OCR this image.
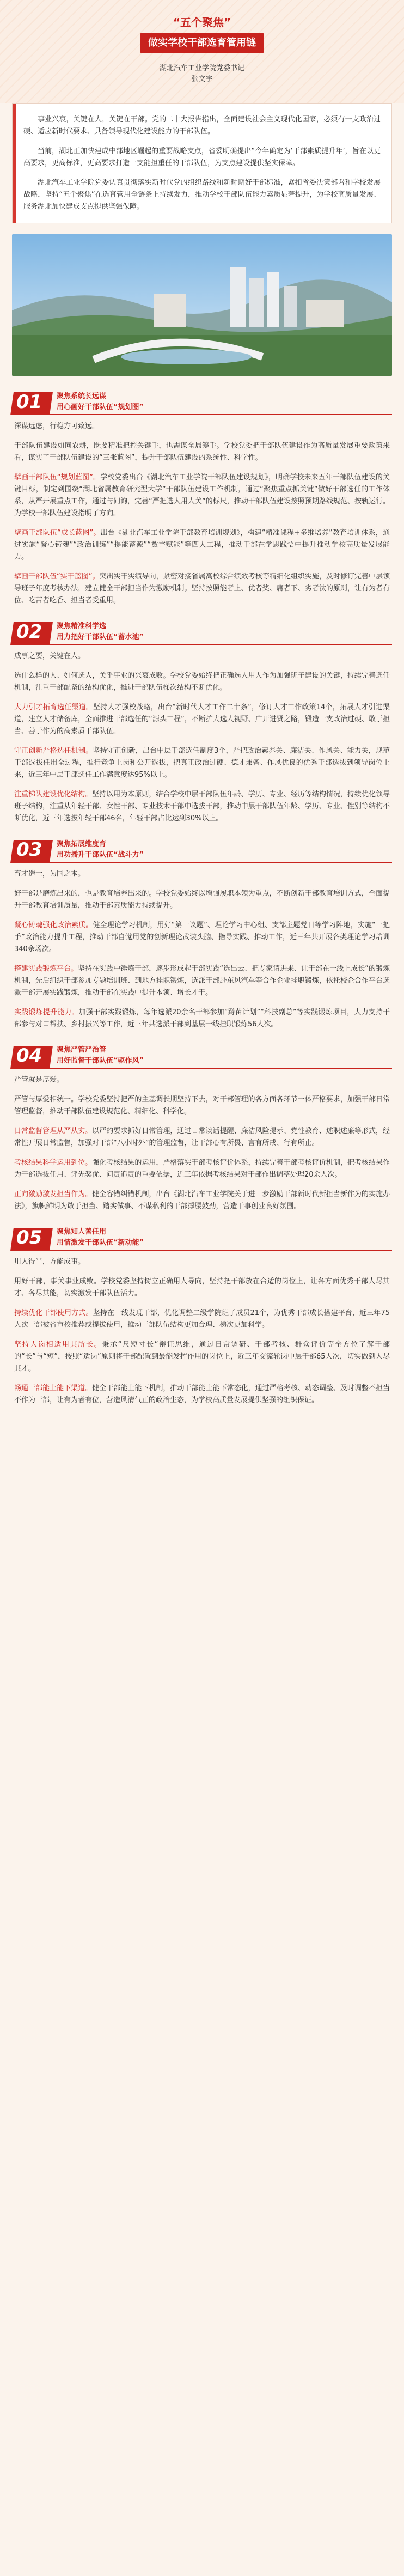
“五个聚焦”
做实学校干部选育管用链
湖北汽车工业学院党委书记
张文宇

事业兴衰，关键在人，关键在干部。党的二十大报告指出，全面建设社会主义现代化国家，必须有一支政治过硬、适应新时代要求、具备领导现代化建设能力的干部队伍。

当前，湖北正加快建成中部地区崛起的重要战略支点，省委明确提出“今年确定为‘干部素质提升年’，旨在以更高要求，更高标准，更高要求打造一支能担重任的干部队伍，为支点建设提供坚实保障。

湖北汽车工业学院党委认真贯彻落实新时代党的组织路线和新时期好干部标准，紧扣省委决策部署和学校发展战略，坚持“五个聚焦”在选育管用全链条上持续发力，推动学校干部队伍能力素质显著提升，为学校高质量发展、服务湖北加快建成支点提供坚强保障。

01 聚焦系统长远谋
用心画好干部队伍“规划图”

深谋远虑，行稳方可致远。

干部队伍建设如同农耕，既要精准把控关键手，也需谋全局筹手。学校党委把干部队伍建设作为高质量发展重要政策来看，谋实了干部队伍建设的“三张蓝图”，提升干部队伍建设的系统性、科学性。

擘画干部队伍“规划蓝图”。学校党委出台《湖北汽车工业学院干部队伍建设规划》，明确学校未来五年干部队伍建设的关键目标，制定到围绕“湖北省属教育研究型大学”干部队伍建设工作机制，通过“聚焦重点抓关键”做好干部选任的工作体系，从严开展重点工作，通过与问询，完善“严把选人用人关”的标尺，推动干部队伍建设按照预期路线规范、按轨运行。为学校干部队伍建设指明了方向。

擘画干部队伍“成长蓝图”。出台《湖北汽车工业学院干部教育培训规划》，构建“精准课程+多维培养”教育培训体系，通过实施“凝心铸魂”“政治训练”“提能蓄源”“数字赋能”等四大工程，推动干部在学思践悟中提升推动学校高质量发展能力。

擘画干部队伍“实干蓝图”。突出实干实绩导向，紧密对接省属高校综合绩效考核等精细化组织实施，及时修订完善中层领导班子年度考核办法，建立健全干部担当作为激励机制。坚持按照能者上、优者奖、庸者下、劣者汰的原则，让有为者有位、吃苦者吃香、担当者受重用。

02 聚焦精准科学选
用力把好干部队伍“蓄水池”

成事之要，关键在人。

选什么样的人、如何选人，关乎事业的兴衰成败。学校党委始终把正确选人用人作为加强班子建设的关键，持续完善选任机制，注重干部配备的结构优化，推进干部队伍梯次结构不断优化。

大力引才拓育选任渠道。坚持人才强校战略，出台“新时代人才工作二十条”，修订人才工作政策14个，拓展人才引进渠道，建立人才储备库，全面推进干部选任的“源头工程”，不断扩大选人视野、广开进贤之路，锻造一支政治过硬、敢于担当、善于作为的高素质干部队伍。

守正创新严格选任机制。坚持守正创新，出台中层干部选任制度3个，严把政治素养关、廉洁关、作风关、能力关，规范干部选拔任用全过程，推行竞争上岗和公开选拔，把真正政治过硬、德才兼备、作风优良的优秀干部选拔到领导岗位上来，近三年中层干部选任工作满意度达95%以上。

注重梯队建设优化结构。坚持以用为本原则，结合学校中层干部队伍年龄、学历、专业、经历等结构情况，持续优化领导班子结构，注重从年轻干部、女性干部、专业技术干部中选拔干部，推动中层干部队伍年龄、学历、专业、性别等结构不断优化，近三年选拔年轻干部46名，年轻干部占比达到30%以上。

03 聚焦拓展维度育
用功播升干部队伍“战斗力”

育才造士，为国之本。

好干部是磨炼出来的，也是教育培养出来的。学校党委始终以增强履职本领为重点，不断创新干部教育培训方式，全面提升干部教育培训质量，推动干部素质能力持续提升。

凝心铸魂强化政治素质。健全理论学习机制，用好“第一议题”、理论学习中心组、支部主题党日等学习阵地，实施“一把手”政治能力提升工程，推动干部自觉用党的创新理论武装头脑、指导实践、推动工作，近三年共开展各类理论学习培训340余场次。

搭建实践锻炼平台。坚持在实践中锤炼干部，逐步形成起干部实践“选出去、把专家请进来、让干部在一线上成长”的锻炼机制，先后组织干部参加专题培训班、到地方挂职锻炼，选派干部赴东风汽车等合作企业挂职锻炼，依托校企合作平台选派干部开展实践锻炼，推动干部在实践中提升本领、增长才干。

实践锻炼提升能力。加强干部实践锻炼，每年选派20余名干部参加“蹲苗计划”“科技副总”等实践锻炼项目，大力支持干部参与对口帮扶、乡村振兴等工作，近三年共选派干部到基层一线挂职锻炼56人次。

04 聚焦严管严治管
用好监督干部队伍“驱作风”

严管就是厚爱。

严管与厚爱相统一。学校党委坚持把严的主基调长期坚持下去，对干部管理的各方面各环节一体严格要求，加强干部日常管理监督，推动干部队伍建设规范化、精细化、科学化。

日常监督管理从严从实。以严的要求抓好日常管理，通过日常谈话提醒、廉洁风险提示、党性教育、述职述廉等形式，经常性开展日常监督，加强对干部“八小时外”的管理监督，让干部心有所畏、言有所戒、行有所止。

考核结果科学运用到位。强化考核结果的运用，严格落实干部考核评价体系，持续完善干部考核评价机制，把考核结果作为干部选拔任用、评先奖优、问责追责的重要依据，近三年依据考核结果对干部作出调整处理20余人次。

正向激励激发担当作为。健全容错纠错机制，出台《湖北汽车工业学院关于进一步激励干部新时代新担当新作为的实施办法》，旗帜鲜明为敢于担当、踏实做事、不谋私利的干部撑腰鼓劲，营造干事创业良好氛围。

05 聚焦知人善任用
用情激发干部队伍“新动能”

用人得当，方能成事。

用好干部，事关事业成败。学校党委坚持树立正确用人导向，坚持把干部放在合适的岗位上，让各方面优秀干部人尽其才、各尽其能，切实激发干部队伍活力。

持续优化干部使用方式。坚持在一线发现干部，优化调整二级学院班子成员21个，为优秀干部成长搭建平台，近三年75人次干部被省市校推荐或提拔使用，推动干部队伍结构更加合理、梯次更加科学。

坚持人岗相适用其所长。秉承“尺短寸长”辩证思维，通过日常调研、干部考核、群众评价等全方位了解干部的“长”与“短”，按照“适岗”原则将干部配置到最能发挥作用的岗位上，近三年交流轮岗中层干部65人次，切实做到人尽其才。

畅通干部能上能下渠道。健全干部能上能下机制，推动干部能上能下常态化，通过严格考核、动态调整、及时调整不担当不作为干部，让有为者有位，营造风清气正的政治生态，为学校高质量发展提供坚强的组织保证。
